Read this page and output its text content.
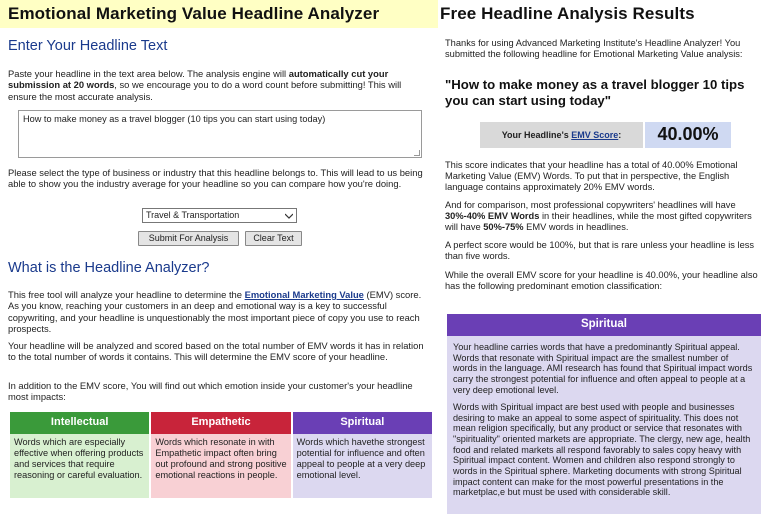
Emotional Marketing Value Headline Analyzer
Enter Your Headline Text

Paste your headline in the text area below. The analysis engine will automatically cut your submission at 20 words, so we encourage you to do a word count before submitting! This will ensure the most accurate analysis.

How to make money as a travel blogger (10 tips you can start using today)

Please select the type of business or industry that this headline belongs to. This will lead to us being able to show you the industry average for your headline so you can compare how you're doing.

Travel & Transportation
Submit For Analysis	Clear Text
What is the Headline Analyzer?

This free tool will analyze your headline to determine the Emotional Marketing Value (EMV) score. As you know, reaching your customers in an deep and emotional way is a key to successful copywriting, and your headline is unquestionably the most important piece of copy you use to reach prospects.

Your headline will be analyzed and scored based on the total number of EMV words it has in relation to the total number of words it contains. This will determine the EMV score of your headline.

In addition to the EMV score, You will find out which emotion inside your customer's your headline most impacts:

Intellectual
Words which are especially effective when offering products and services that require reasoning or careful evaluation.
Empathetic
Words which resonate in with Empathetic impact often bring out profound and strong positive emotional reactions in people.
Spiritual
Words which havethe strongest potential for influence and often appeal to people at a very deep emotional level.
Free Headline Analysis Results

Thanks for using Advanced Marketing Institute's Headline Analyzer! You submitted the following headline for Emotional Marketing Value analysis:

"How to make money as a travel blogger 10 tips you can start using today"

Your Headline's
EMV Score :	40.00%

This score indicates that your headline has a total of 40.00% Emotional Marketing Value (EMV) Words. To put that in perspective, the English language contains approximately 20% EMV words.

And for comparison, most professional copywriters' headlines will have 30%-40% EMV Words in their headlines, while the most gifted copywriters will have 50%-75% EMV words in headlines.

A perfect score would be 100%, but that is rare unless your headline is less than five words.

While the overall EMV score for your headline is 40.00%, your headline also has the following predominant emotion classification:

Spiritual

Your headline carries words that have a predominantly Spiritual appeal. Words that resonate with Spiritual impact are the smallest number of words in the language. AMI research has found that Spiritual impact words carry the strongest potential for influence and often appeal to people at a very deep emotional level.

Words with Spiritual impact are best used with people and businesses desiring to make an appeal to some aspect of spirituality. This does not mean religion specifically, but any product or service that resonates with "spirituality" oriented markets are appropriate. The clergy, new age, health food and related markets all respond favorably to sales copy heavy with Spiritual impact content. Women and children also respond strongly to words in the Spiritual sphere. Marketing documents with strong Spiritual impact content can make for the most powerful presentations in the marketplac,e but must be used with considerable skill.
